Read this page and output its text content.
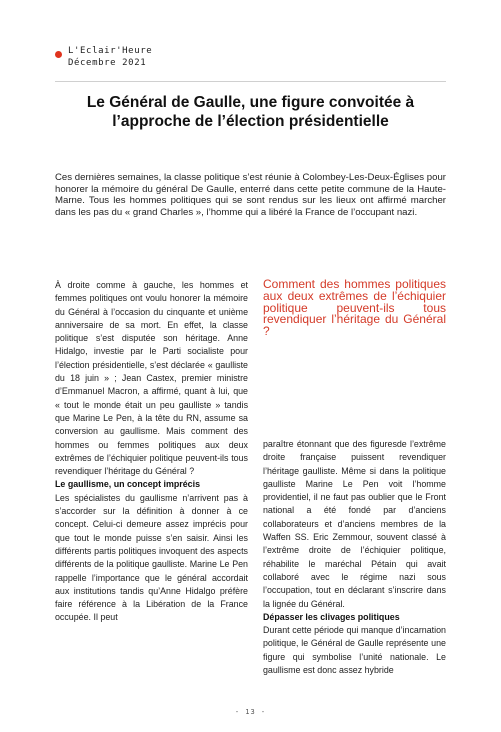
L'Eclair'Heure
Décembre 2021
Le Général de Gaulle, une figure convoitée à l’approche de l’élection présidentielle
Ces dernières semaines, la classe politique s’est réunie à Colombey-Les-Deux-Églises pour honorer la mémoire du général De Gaulle, enterré dans cette petite commune de la Haute-Marne. Tous les hommes politiques qui se sont rendus sur les lieux ont affirmé marcher dans les pas du « grand Charles », l’homme qui a libéré la France de l’occupant nazi.

À droite comme à gauche, les hommes et femmes politiques ont voulu honorer la mémoire du Général à l’occasion du cinquante et unième anniversaire de sa mort. En effet, la classe politique s’est disputée son héritage. Anne Hidalgo, investie par le Parti socialiste pour l’élection présidentielle, s’est déclarée « gaulliste du 18 juin » ; Jean Castex, premier ministre d’Emmanuel Macron, a affirmé, quant à lui, que « tout le monde était un peu gaulliste » tandis que Marine Le Pen, à la tête du RN, assume sa conversion au gaullisme. Mais comment des hommes ou femmes politiques aux deux extrêmes de l’échiquier politique peuvent-ils tous revendiquer l’héritage du Général ?

Le gaullisme, un concept imprécis

Les spécialistes du gaullisme n’arrivent pas à s’accorder sur la définition à donner à ce concept. Celui-ci demeure assez imprécis pour que tout le monde puisse s’en saisir. Ainsi les différents partis politiques invoquent des aspects différents de la politique gaulliste. Marine Le Pen rappelle l’importance que le général accordait aux institutions tandis qu’Anne Hidalgo préfère faire référence à la Libération de la France occupée. Il peut

Comment des hommes politiques aux deux extrêmes de l’échiquier politique peuvent-ils tous revendiquer l’héritage du Général ?

paraître étonnant que des figuresde l’extrême droite française puissent revendiquer l’héritage gaulliste. Même si dans la politique gaulliste Marine Le Pen voit l’homme providentiel, il ne faut pas oublier que le Front national a été fondé par d’anciens collaborateurs et d’anciens membres de la Waffen SS. Eric Zemmour, souvent classé à l’extrême droite de l’échiquier politique, réhabilite le maréchal Pétain qui avait collaboré avec le régime nazi sous l’occupation, tout en déclarant s’inscrire dans la lignée du Général.

Dépasser les clivages politiques

Durant cette période qui manque d’incarnation politique, le Général de Gaulle représente une figure qui symbolise l’unité nationale. Le gaullisme est donc assez hybride

- 13 -
